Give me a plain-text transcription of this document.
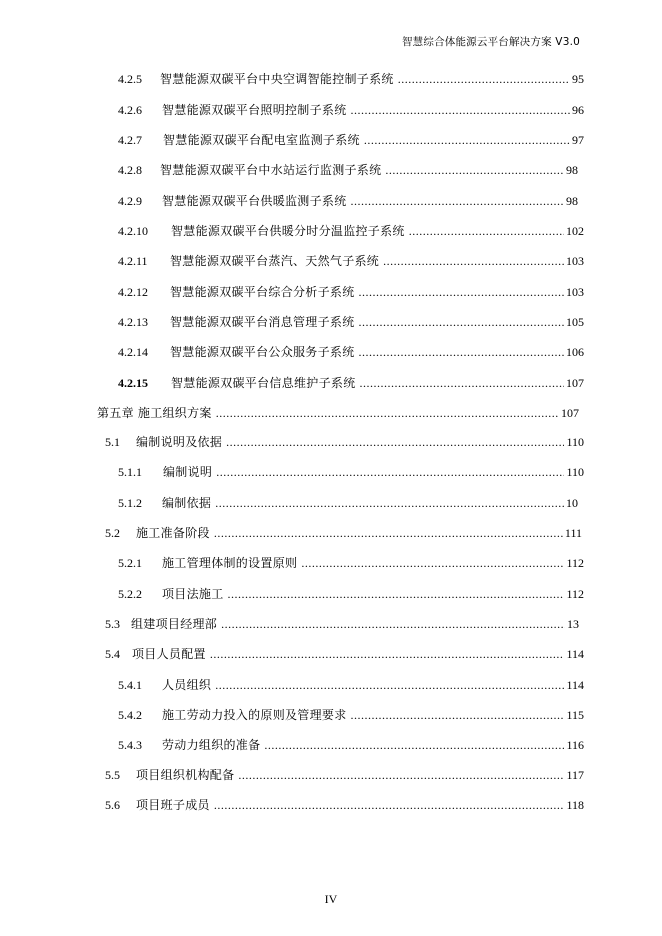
智慧综合体能源云平台解决方案 V3.0
4.2.5	智慧能源双碳平台中央空调智能控制子系统 .....	95
4.2.6	智慧能源双碳平台照明控制子系统 .....	96
4.2.7	智慧能源双碳平台配电室监测子系统 .....	97
4.2.8	智慧能源双碳平台中水站运行监测子系统 .....	98
4.2.9	智慧能源双碳平台供暖监测子系统 .....	98
4.2.10	智慧能源双碳平台供暖分时分温监控子系统 .....	102
4.2.11	智慧能源双碳平台蒸汽、天然气子系统 .....	103
4.2.12	智慧能源双碳平台综合分析子系统 .....	103
4.2.13	智慧能源双碳平台消息管理子系统 .....	105
4.2.14	智慧能源双碳平台公众服务子系统 .....	106
4.2.15	智慧能源双碳平台信息维护子系统 .....	107
第五章 施工组织方案 .....	107
5.1	编制说明及依据 .....	110
5.1.1	编制说明 .....	110
5.1.2	编制依据 .....	10
5.2	施工准备阶段 .....	111
5.2.1	施工管理体制的设置原则 .....	112
5.2.2	项目法施工 .....	112
5.3 组建项目经理部 .....	13
5.4	项目人员配置 .....	114
5.4.1	人员组织 .....	114
5.4.2	施工劳动力投入的原则及管理要求 .....	115
5.4.3	劳动力组织的准备 .....	116
5.5	项目组织机构配备 .....	117
5.6	项目班子成员 .....	118
IV
